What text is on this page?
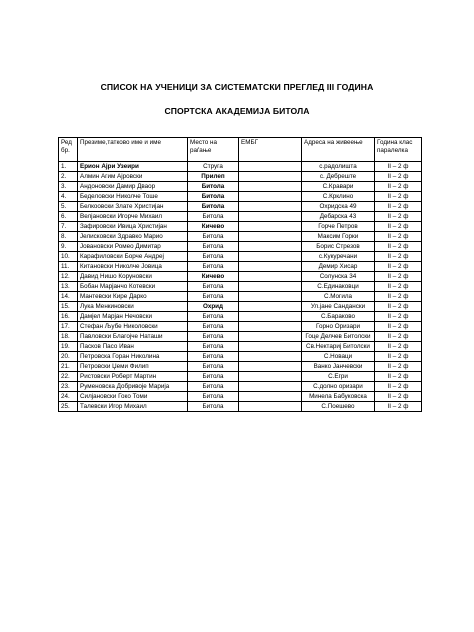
СПИСОК НА УЧЕНИЦИ ЗА СИСТЕМАТСКИ ПРЕГЛЕД III ГОДИНА
СПОРТСКА АКАДЕМИЈА БИТОЛА
Ред бр.	Презиме,татково име и име	Место на раѓање	ЕМБГ	Адреса на живеење	Година клас паралелка
1.	Ерион Ајри Узеири	Струга		с.радолишта	II – 2 ф
2.	Алмин Агим Ајровски	Прилеп		с. Дебреште	II – 2 ф
3.	Андоновски Дамир Дваор	Битола		С.Кравари	II – 2 ф
4.	Беделовски Николче Тоше	Битола		С.Крклино	II – 2 ф
5.	Белкоовски Злате Христијан	Битола		Охридска 49	II – 2 ф
6.	Велјановски Игорче Михаил	Битола		Дебарска 43	II – 2 ф
7.	Зафировски Ивица Христијан	Кичево		Горче Петров	II – 2 ф
8.	Јелисковски Здравко Марио	Битола		Максим Горки	II – 2 ф
9.	Јовановски Ромео Димитар	Битола		Борис Стрезов	II – 2 ф
10.	Карафиловски Борче Андреј	Битола		с.Кукуречани	II – 2 ф
11.	Китановски Николче Јовица	Битола		Демир Хисар	II – 2 ф
12.	Давид Нишо Коруновски	Кичево		Солунска 34	II – 2 ф
13.	Бобан Марјанчо Котевски	Битола		С.Единаковци	II – 2 ф
14.	Мантевски Кире Дарко	Битола		С.Могила	II – 2 ф
15.	Лука Менкиновски	Охрид		Ул.јане Сандански	II – 2 ф
16.	Дамјел Марјан Нечовски	Битола		С.Бараково	II – 2 ф
17.	Стефан Љубе Николовски	Битола		Горно Оризари	II – 2 ф
18.	Павловски Благојче Наташи	Битола		Гоце Делчев Битолски	II – 2 ф
19.	Пасков Пасо Иван	Битола		Св.Нектариј Битолски	II – 2 ф
20.	Петровска Горан Николина	Битола		С.Новаци	II – 2 ф
21.	Петровски Џеми Филип	Битола		Ванко Јанчевски	II – 2 ф
22.	Ристовски Роберт Мартин	Битола		С.Егри	II – 2 ф
23.	Руменовска Добривоје Марија	Битола		С.долно оризари	II – 2 ф
24.	Силјановски Гоко Томи	Битола		Минела Бабуковска	II – 2 ф
25.	Талевски Игор Михаил	Битола		С.Поешево	II – 2 ф
